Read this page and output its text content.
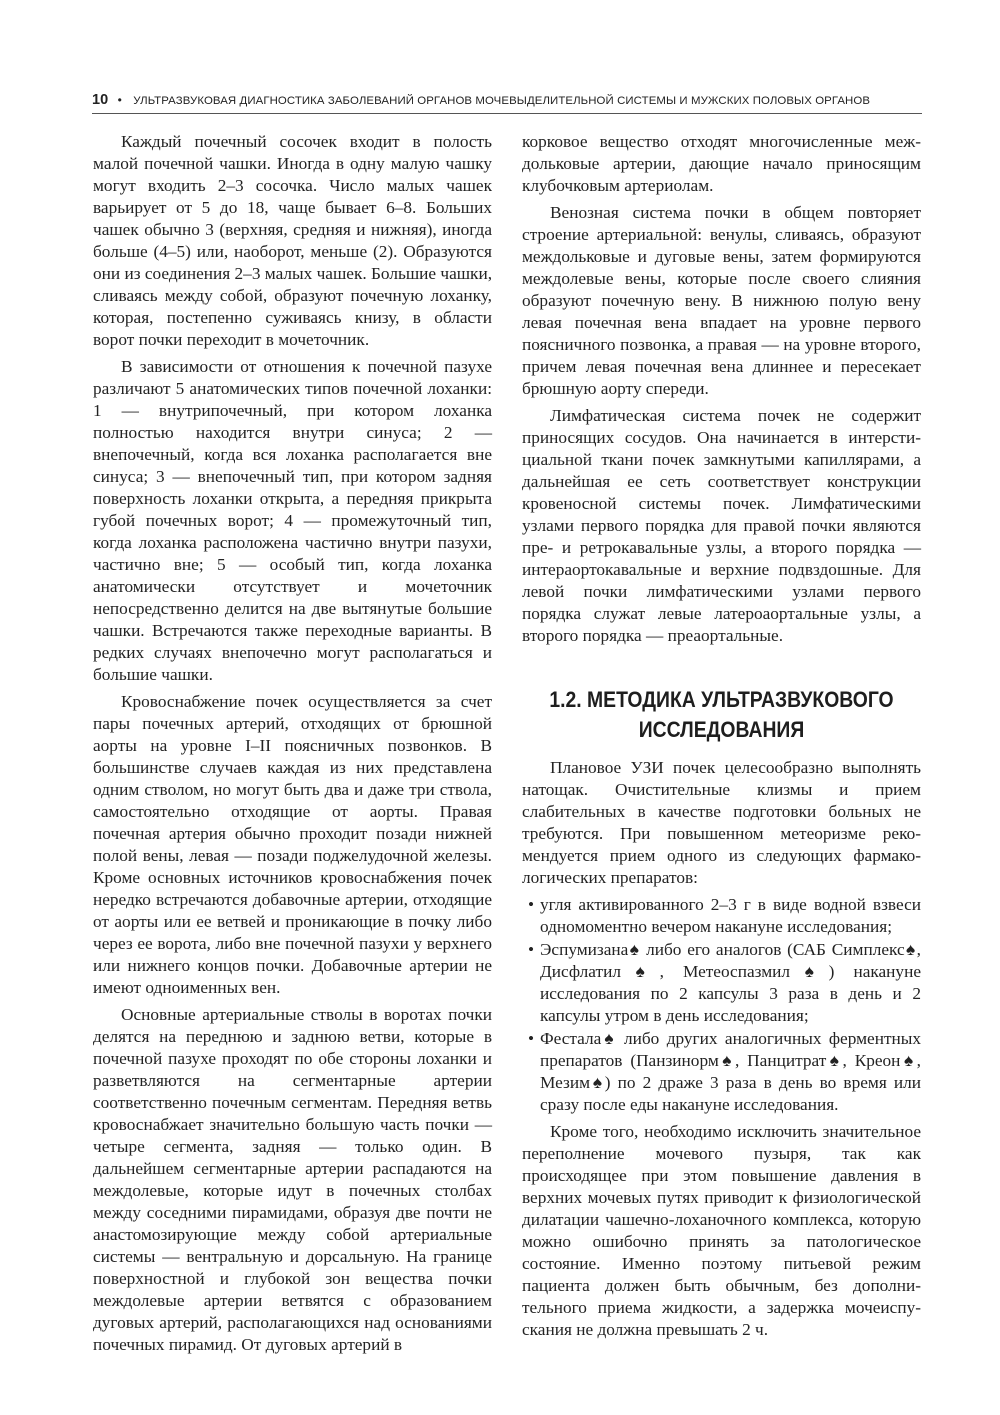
10 • УЛЬТРАЗВУКОВАЯ ДИАГНОСТИКА ЗАБОЛЕВАНИЙ ОРГАНОВ МОЧЕВЫДЕЛИТЕЛЬНОЙ СИСТЕМЫ И МУЖСКИХ ПОЛОВЫХ ОРГАНОВ

Каждый почечный сосочек входит в полость малой почечной чашки. Иногда в одну малую чашку могут входить 2–3 сосочка. Число малых чашек варьирует от 5 до 18, чаще бывает 6–8. Больших чашек обычно 3 (верхняя, средняя и нижняя), иногда больше (4–5) или, наоборот, меньше (2). Образуются они из соединения 2–3 малых чашек. Большие чашки, сливаясь между собой, образуют почечную лоханку, которая, постепенно суживаясь книзу, в области ворот почки переходит в мочеточник.

В зависимости от отношения к почечной пазухе различают 5 анатомических типов почечной лоханки: 1 — внутрипочечный, при котором лоханка полностью находится внутри синуса; 2 — внепочечный, когда вся лоханка располагается вне синуса; 3 — внепочечный тип, при котором задняя поверхность лоханки открыта, а передняя прикрыта губой почечных ворот; 4 — промежуточный тип, когда лоханка расположена частично внутри пазухи, частично вне; 5 — особый тип, когда лоханка анатомически отсутствует и мочеточник непосредственно делится на две вытянутые большие чашки. Встречаются также переходные варианты. В редких случаях внепочечно могут располагаться и большие чашки.

Кровоснабжение почек осуществляется за счет пары почечных артерий, отходящих от брюшной аорты на уровне I–II поясничных позвонков. В большинстве случаев каждая из них представлена одним стволом, но могут быть два и даже три ствола, самостоятельно отходящие от аорты. Правая почечная артерия обычно проходит позади нижней полой вены, левая — позади поджелудочной железы. Кроме основных источников кровоснабжения почек нередко встречаются добавочные артерии, отходящие от аорты или ее ветвей и проникающие в почку либо через ее ворота, либо вне почечной пазухи у верхнего или нижнего концов почки. Добавочные артерии не имеют одноименных вен.

Основные артериальные стволы в воротах почки делятся на переднюю и заднюю ветви, которые в почечной пазухе проходят по обе стороны лоханки и разветвляются на сегментарные артерии соответственно почечным сегментам. Передняя ветвь кровоснабжает значительно большую часть почки — четыре сегмента, задняя — только один. В дальнейшем сегментарные артерии распадаются на междолевые, которые идут в почечных столбах между соседними пирамидами, образуя две почти не анастомозирующие между собой артериальные системы — вентральную и дорсальную. На границе поверхностной и глубокой зон вещества почки междолевые артерии ветвятся с образованием дуговых артерий, располагающихся над основаниями почечных пирамид. От дуговых артерий в

корковое вещество отходят многочисленные междольковые артерии, дающие начало приносящим клубочковым артериолам.

Венозная система почки в общем повторяет строение артериальной: венулы, сливаясь, образуют междольковые и дуговые вены, затем формируются междолевые вены, которые после своего слияния образуют почечную вену. В нижнюю полую вену левая почечная вена впадает на уровне первого поясничного позвонка, а правая — на уровне второго, причем левая почечная вена длиннее и пересекает брюшную аорту спереди.

Лимфатическая система почек не содержит приносящих сосудов. Она начинается в интерстициальной ткани почек замкнутыми капиллярами, а дальнейшая ее сеть соответствует конструкции кровеносной системы почек. Лимфатическими узлами первого порядка для правой почки являются пре- и ретрокавальные узлы, а второго порядка — интераортокавальные и верхние подвздошные. Для левой почки лимфатическими узлами первого порядка служат левые латероаортальные узлы, а второго порядка — преаортальные.

1.2. МЕТОДИКА УЛЬТРАЗВУКОВОГО
ИССЛЕДОВАНИЯ

Плановое УЗИ почек целесообразно выполнять натощак. Очистительные клизмы и прием слабительных в качестве подготовки больных не требуются. При повышенном метеоризме рекомендуется прием одного из следующих фармакологических препаратов:

• угля активированного 2–3 г в виде водной взвеси одномоментно вечером накануне исследования;
• Эспумизана♠ либо его аналогов (САБ Симплекс♠, Дисфлатил♠, Метеоспазмил♠) накануне исследования по 2 капсулы 3 раза в день и 2 капсулы утром в день исследования;
• Фестала♠ либо других аналогичных ферментных препаратов (Панзинорм♠, Панцитрат♠, Креон♠, Мезим♠) по 2 драже 3 раза в день во время или сразу после еды накануне исследования.

Кроме того, необходимо исключить значительное переполнение мочевого пузыря, так как происходящее при этом повышение давления в верхних мочевых путях приводит к физиологической дилатации чашечно-лоханочного комплекса, которую можно ошибочно принять за патологическое состояние. Именно поэтому питьевой режим пациента должен быть обычным, без дополнительного приема жидкости, а задержка мочеиспускания не должна превышать 2 ч.
